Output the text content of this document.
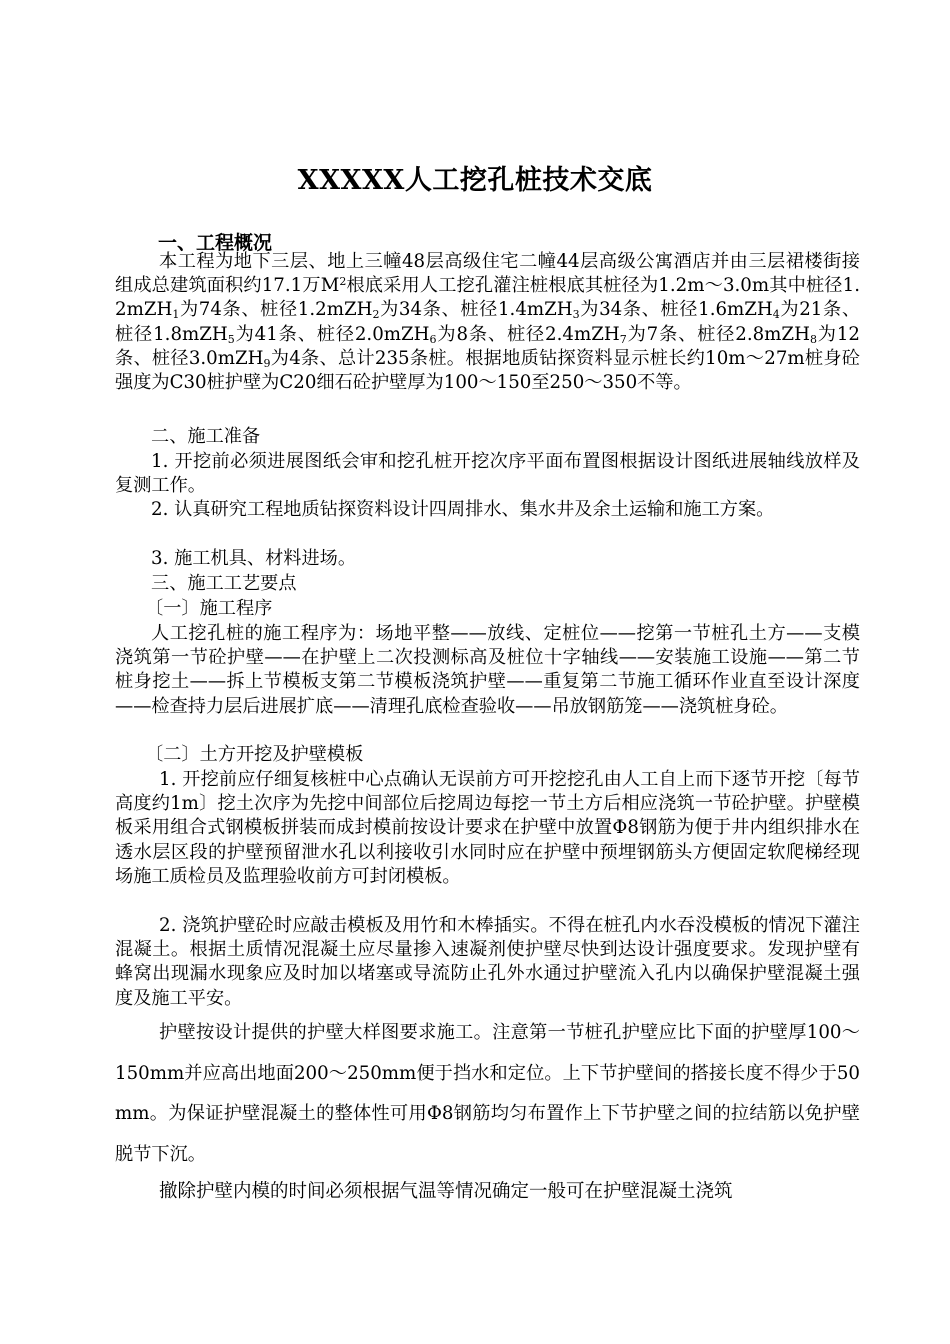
XXXXX人工挖孔桩技术交底
一、工程概况
本工程为地下三层、地上三幢48层高级住宅二幢44层高级公寓酒店并由三层裙楼街接组成总建筑面积约17.1万$M^2$根底采用人工挖孔灌注桩根底其桩径为1.2m～3.0m其中桩径1.2mZH$_1$为74条、桩径1.2mZH$_2$为34条、桩径1.4mZH$_3$为34条、桩径1.6mZH$_4$为21条、桩径1.8mZH$_5$为41条、桩径2.0mZH$_6$为8条、桩径2.4mZH$_7$为7条、桩径2.8mZH$_8$为12条、桩径3.0mZH$_9$为4条、总计235条桩。根据地质钻探资料显示桩长约10m～27m桩身砼强度为C30桩护壁为C20细石砼护壁厚为100～150至250～350不等。
二、施工准备
1. 开挖前必须进展图纸会审和挖孔桩开挖次序平面布置图根据设计图纸进展轴线放样及复测工作。
2. 认真研究工程地质钻探资料设计四周排水、集水井及余土运输和施工方案。
3. 施工机具、材料进场。
三、施工工艺要点
〔一〕施工程序
人工挖孔桩的施工程序为：场地平整——放线、定桩位——挖第一节桩孔土方——支模浇筑第一节砼护壁——在护壁上二次投测标高及桩位十字轴线——安装施工设施——第二节桩身挖土——拆上节模板支第二节模板浇筑护壁——重复第二节施工循环作业直至设计深度——检查持力层后进展扩底——清理孔底检查验收——吊放钢筋笼——浇筑桩身砼。
〔二〕土方开挖及护壁模板
1. 开挖前应仔细复核桩中心点确认无误前方可开挖挖孔由人工自上而下逐节开挖〔每节高度约1m〕挖土次序为先挖中间部位后挖周边每挖一节土方后相应浇筑一节砼护壁。护壁模板采用组合式钢模板拼装而成封模前按设计要求在护壁中放置Φ8钢筋为便于井内组织排水在透水层区段的护壁预留泄水孔以利接收引水同时应在护壁中预埋钢筋头方便固定软爬梯经现场施工质检员及监理验收前方可封闭模板。
2. 浇筑护壁砼时应敲击模板及用竹和木棒插实。不得在桩孔内水吞没模板的情况下灌注混凝土。根据土质情况混凝土应尽量掺入速凝剂使护壁尽快到达设计强度要求。发现护壁有蜂窝出现漏水现象应及时加以堵塞或导流防止孔外水通过护壁流入孔内以确保护壁混凝土强度及施工平安。
护壁按设计提供的护壁大样图要求施工。注意第一节桩孔护壁应比下面的护壁厚100～150mm并应高出地面200～250mm便于挡水和定位。上下节护壁间的搭接长度不得少于50mm。为保证护壁混凝土的整体性可用Φ8钢筋均匀布置作上下节护壁之间的拉结筋以免护壁脱节下沉。
撤除护壁内模的时间必须根据气温等情况确定一般可在护壁混凝土浇筑
